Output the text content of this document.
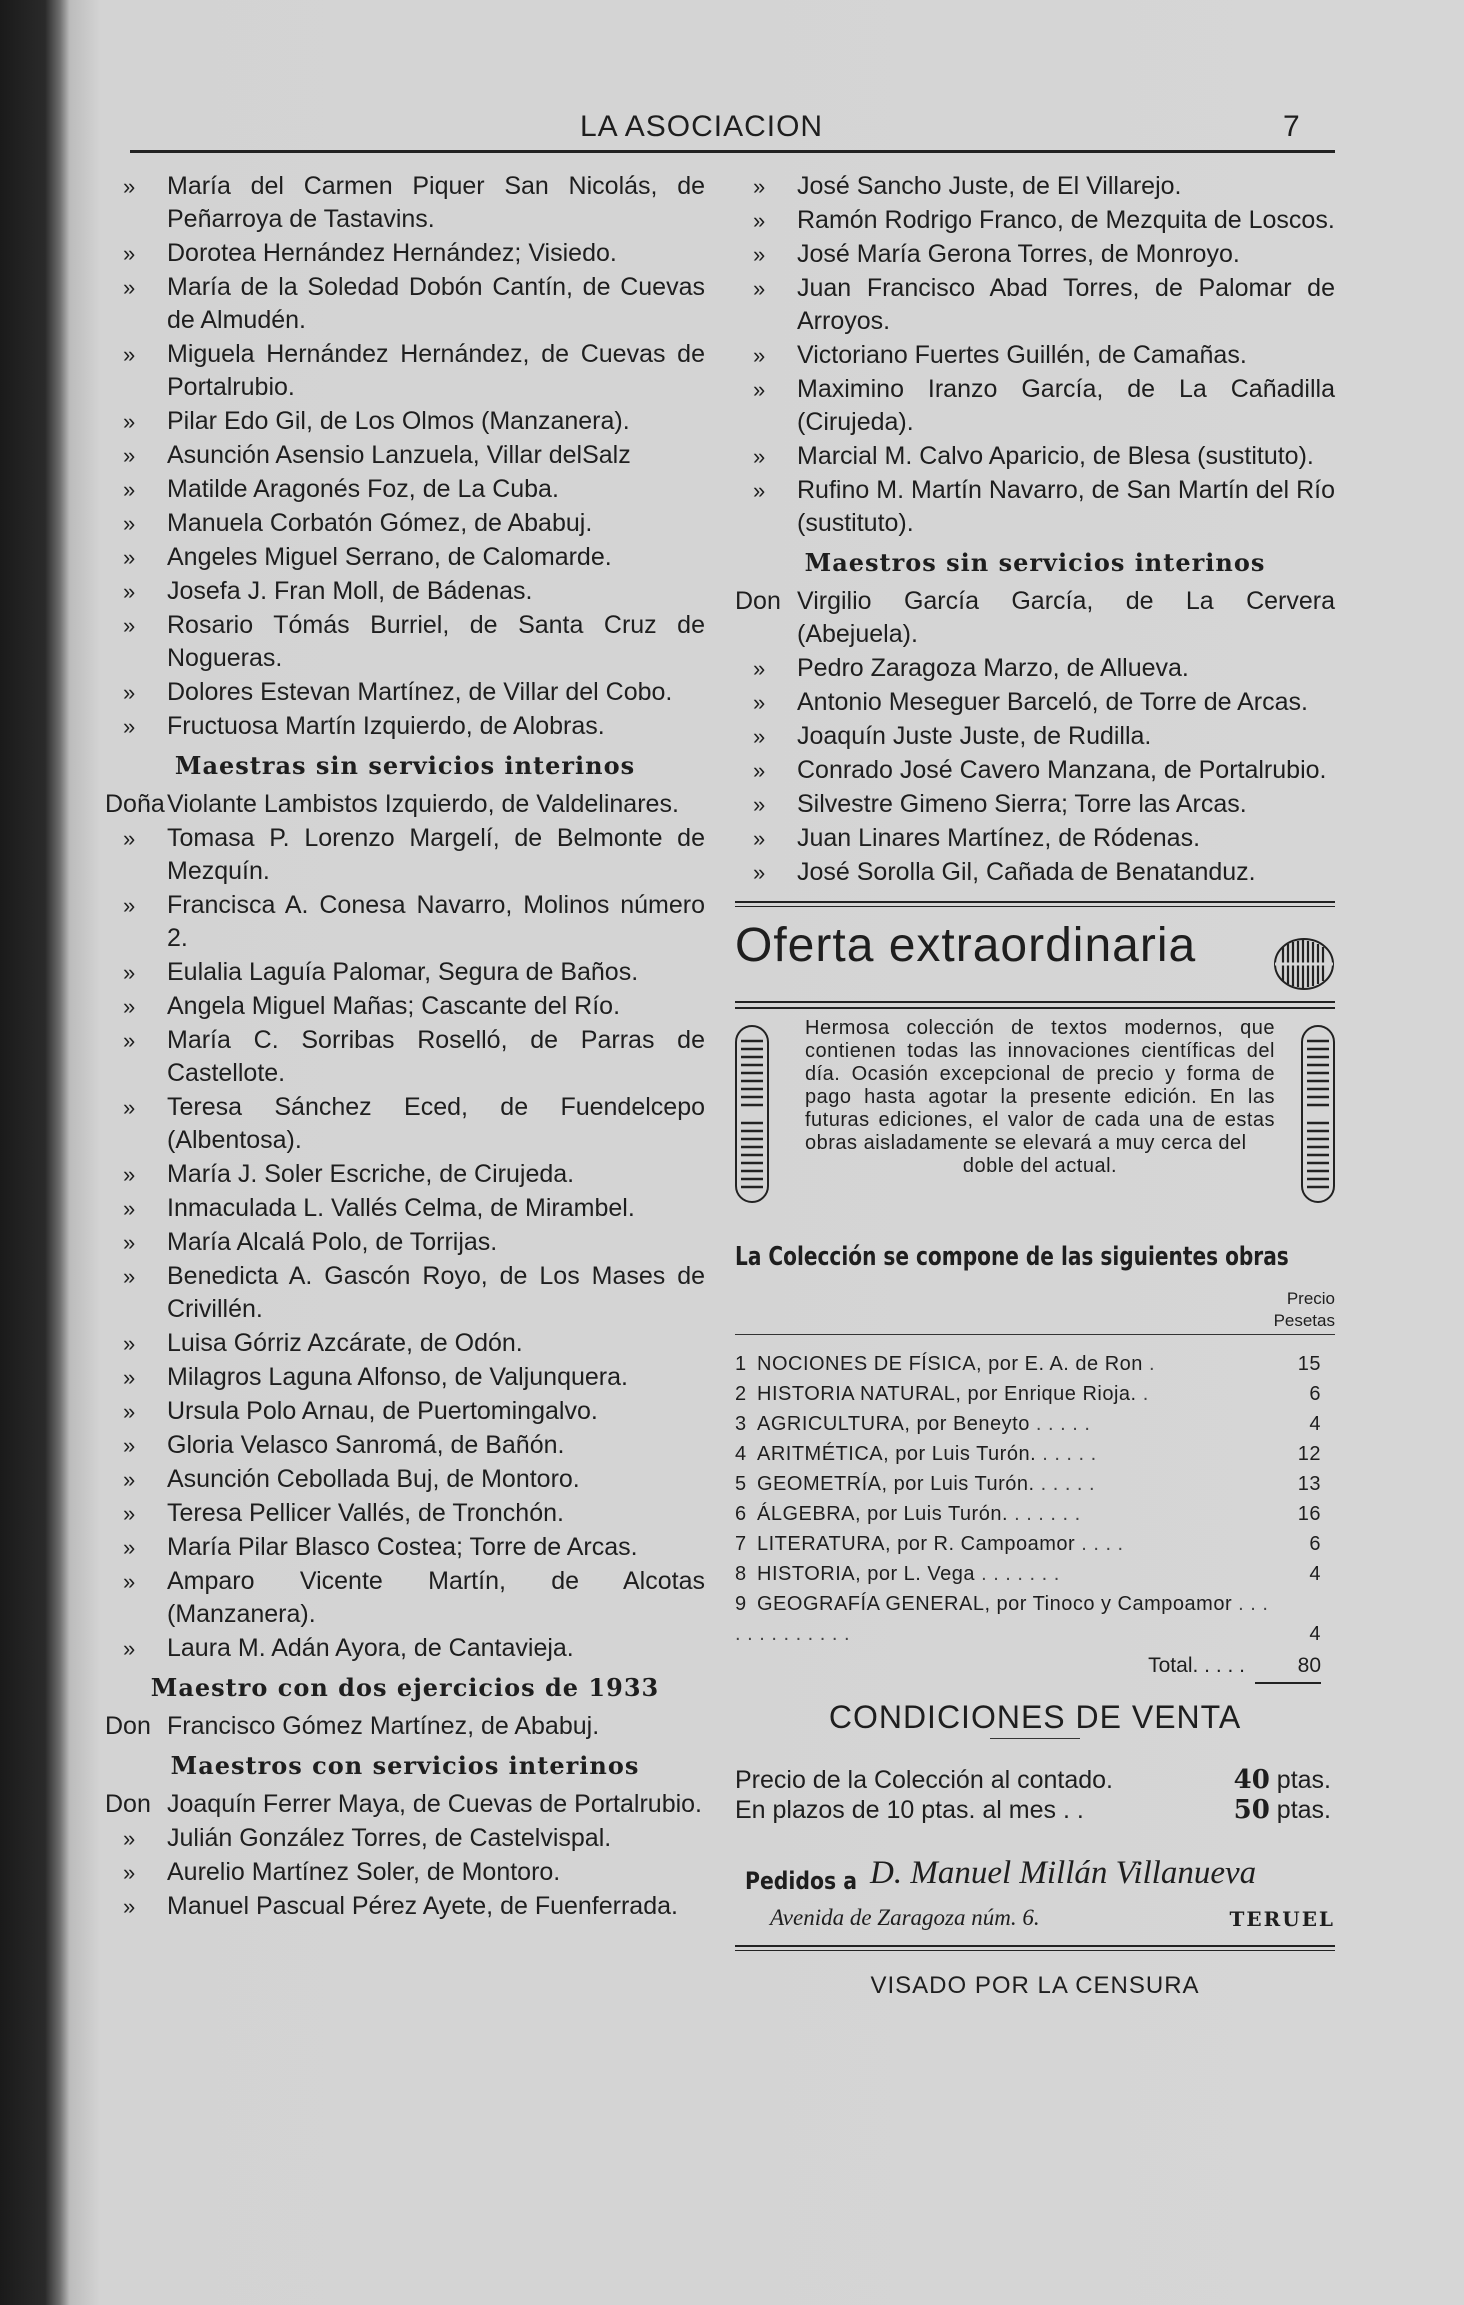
LA ASOCIACION	7
» María del Carmen Piquer San Nicolás, de Peñarroya de Tastavins.
» Dorotea Hernández Hernández; Visiedo.
» María de la Soledad Dobón Cantín, de Cuevas de Almudén.
» Miguela Hernández Hernández, de Cuevas de Portalrubio.
» Pilar Edo Gil, de Los Olmos (Manzanera).
» Asunción Asensio Lanzuela, Villar delSalz
» Matilde Aragonés Foz, de La Cuba.
» Manuela Corbatón Gómez, de Ababuj.
» Angeles Miguel Serrano, de Calomarde.
» Josefa J. Fran Moll, de Bádenas.
» Rosario Tómás Burriel, de Santa Cruz de Nogueras.
» Dolores Estevan Martínez, de Villar del Cobo.
» Fructuosa Martín Izquierdo, de Alobras.
Maestras sin servicios interinos
Doña Violante Lambistos Izquierdo, de Valdelinares.
» Tomasa P. Lorenzo Margelí, de Belmonte de Mezquín.
» Francisca A. Conesa Navarro, Molinos número 2.
» Eulalia Laguía Palomar, Segura de Baños.
» Angela Miguel Mañas; Cascante del Río.
» María C. Sorribas Roselló, de Parras de Castellote.
» Teresa Sánchez Eced, de Fuendelcepo (Albentosa).
» María J. Soler Escriche, de Cirujeda.
» Inmaculada L. Vallés Celma, de Mirambel.
» María Alcalá Polo, de Torrijas.
» Benedicta A. Gascón Royo, de Los Mases de Crivillén.
» Luisa Górriz Azcárate, de Odón.
» Milagros Laguna Alfonso, de Valjunquera.
» Ursula Polo Arnau, de Puertomingalvo.
» Gloria Velasco Sanromá, de Bañón.
» Asunción Cebollada Buj, de Montoro.
» Teresa Pellicer Vallés, de Tronchón.
» María Pilar Blasco Costea; Torre de Arcas.
» Amparo Vicente Martín, de Alcotas (Manzanera).
» Laura M. Adán Ayora, de Cantavieja.
Maestro con dos ejercicios de 1933
Don Francisco Gómez Martínez, de Ababuj.
Maestros con servicios interinos
Don Joaquín Ferrer Maya, de Cuevas de Portalrubio.
» Julián González Torres, de Castelvispal.
» Aurelio Martínez Soler, de Montoro.
» Manuel Pascual Pérez Ayete, de Fuenferrada.
» José Sancho Juste, de El Villarejo.
» Ramón Rodrigo Franco, de Mezquita de Loscos.
» José María Gerona Torres, de Monroyo.
» Juan Francisco Abad Torres, de Palomar de Arroyos.
» Victoriano Fuertes Guillén, de Camañas.
» Maximino Iranzo García, de La Cañadilla (Cirujeda).
» Marcial M. Calvo Aparicio, de Blesa (sustituto).
» Rufino M. Martín Navarro, de San Martín del Río (sustituto).
Maestros sin servicios interinos
Don Virgilio García García, de La Cervera (Abejuela).
» Pedro Zaragoza Marzo, de Allueva.
» Antonio Meseguer Barceló, de Torre de Arcas.
» Joaquín Juste Juste, de Rudilla.
» Conrado José Cavero Manzana, de Portalrubio.
» Silvestre Gimeno Sierra; Torre las Arcas.
» Juan Linares Martínez, de Ródenas.
» José Sorolla Gil, Cañada de Benatanduz.
Oferta extraordinaria
Hermosa colección de textos modernos, que contienen todas las innovaciones científicas del día. Ocasión excepcional de precio y forma de pago hasta agotar la presente edición. En las futuras ediciones, el valor de cada una de estas obras aisladamente se elevará a muy cerca del
doble del actual.
La Colección se compone de las siguientes obras
Precio
Pesetas
1 NOCIONES DE FÍSICA, por E. A. de Ron .	15
2 HISTORIA NATURAL, por Enrique Rioja. .	6
3 AGRICULTURA, por Beneyto . . . . .	4
4 ARITMÉTICA, por Luis Turón. . . . . .	12
5 GEOMETRÍA, por Luis Turón. . . . . .	13
6 ÁLGEBRA, por Luis Turón. . . . . . .	16
7 LITERATURA, por R. Campoamor . . . .	6
8 HISTORIA, por L. Vega . . . . . . .	4
9 GEOGRAFÍA GENERAL, por Tinoco y Campoamor . . . . . . . . . . . . .	4
Total. . . . .	80
CONDICIONES DE VENTA
Precio de la Colección al contado.	40 ptas.
En plazos de 10 ptas. al mes . .	50 ptas.
Pedidos a D. Manuel Millán Villanueva
Avenida de Zaragoza núm. 6.	TERUEL
VISADO POR LA CENSURA
